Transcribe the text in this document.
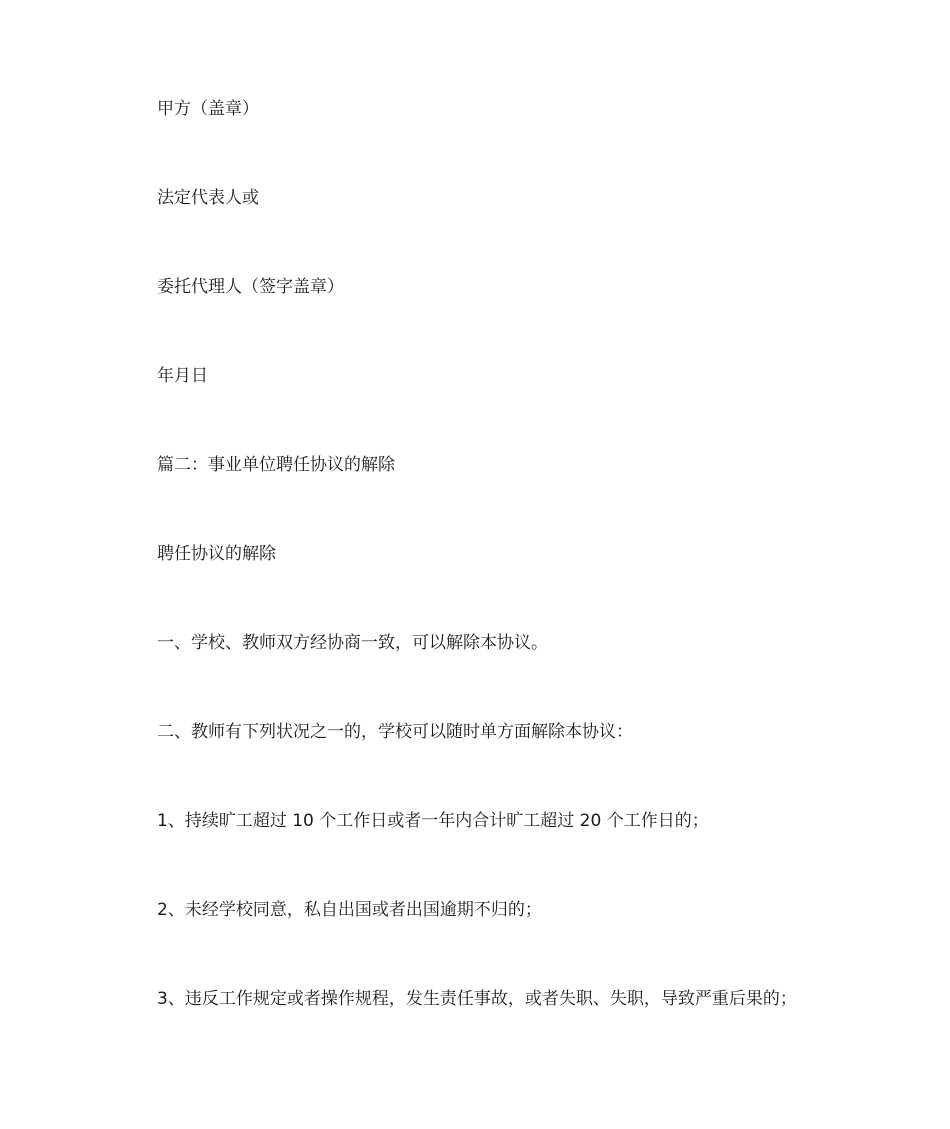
甲方（盖章）

法定代表人或

委托代理人（签字盖章）

年月日

篇二：事业单位聘任协议的解除

聘任协议的解除

一、学校、教师双方经协商一致，可以解除本协议。

二、教师有下列状况之一的，学校可以随时单方面解除本协议：

1、持续旷工超过 10 个工作日或者一年内合计旷工超过 20 个工作日的；

2、未经学校同意，私自出国或者出国逾期不归的；

3、违反工作规定或者操作规程，发生责任事故，或者失职、失职，导致严重后果的；
